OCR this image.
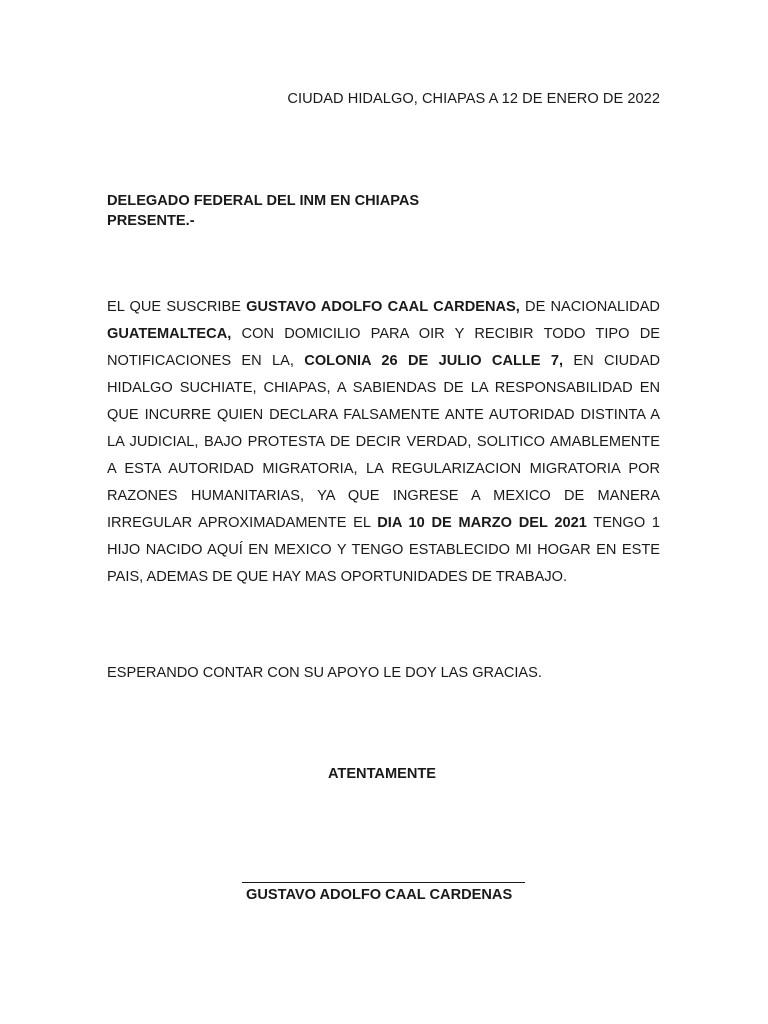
CIUDAD HIDALGO, CHIAPAS A 12 DE ENERO DE 2022
DELEGADO FEDERAL DEL INM EN CHIAPAS
PRESENTE.-
EL QUE SUSCRIBE GUSTAVO ADOLFO CAAL CARDENAS, DE NACIONALIDAD GUATEMALTECA, CON DOMICILIO PARA OIR Y RECIBIR TODO TIPO DE NOTIFICACIONES EN LA, COLONIA 26 DE JULIO CALLE 7, EN CIUDAD HIDALGO SUCHIATE, CHIAPAS, A SABIENDAS DE LA RESPONSABILIDAD EN QUE INCURRE QUIEN DECLARA FALSAMENTE ANTE AUTORIDAD DISTINTA A LA JUDICIAL, BAJO PROTESTA DE DECIR VERDAD, SOLITICO AMABLEMENTE A ESTA AUTORIDAD MIGRATORIA, LA REGULARIZACION MIGRATORIA POR RAZONES HUMANITARIAS, YA QUE INGRESE A MEXICO DE MANERA IRREGULAR APROXIMADAMENTE EL DIA 10 DE MARZO DEL 2021 TENGO 1 HIJO NACIDO AQUÍ EN MEXICO Y TENGO ESTABLECIDO MI HOGAR EN ESTE PAIS, ADEMAS DE QUE HAY MAS OPORTUNIDADES DE TRABAJO.
ESPERANDO CONTAR CON SU APOYO LE DOY LAS GRACIAS.
ATENTAMENTE
GUSTAVO ADOLFO CAAL CARDENAS
